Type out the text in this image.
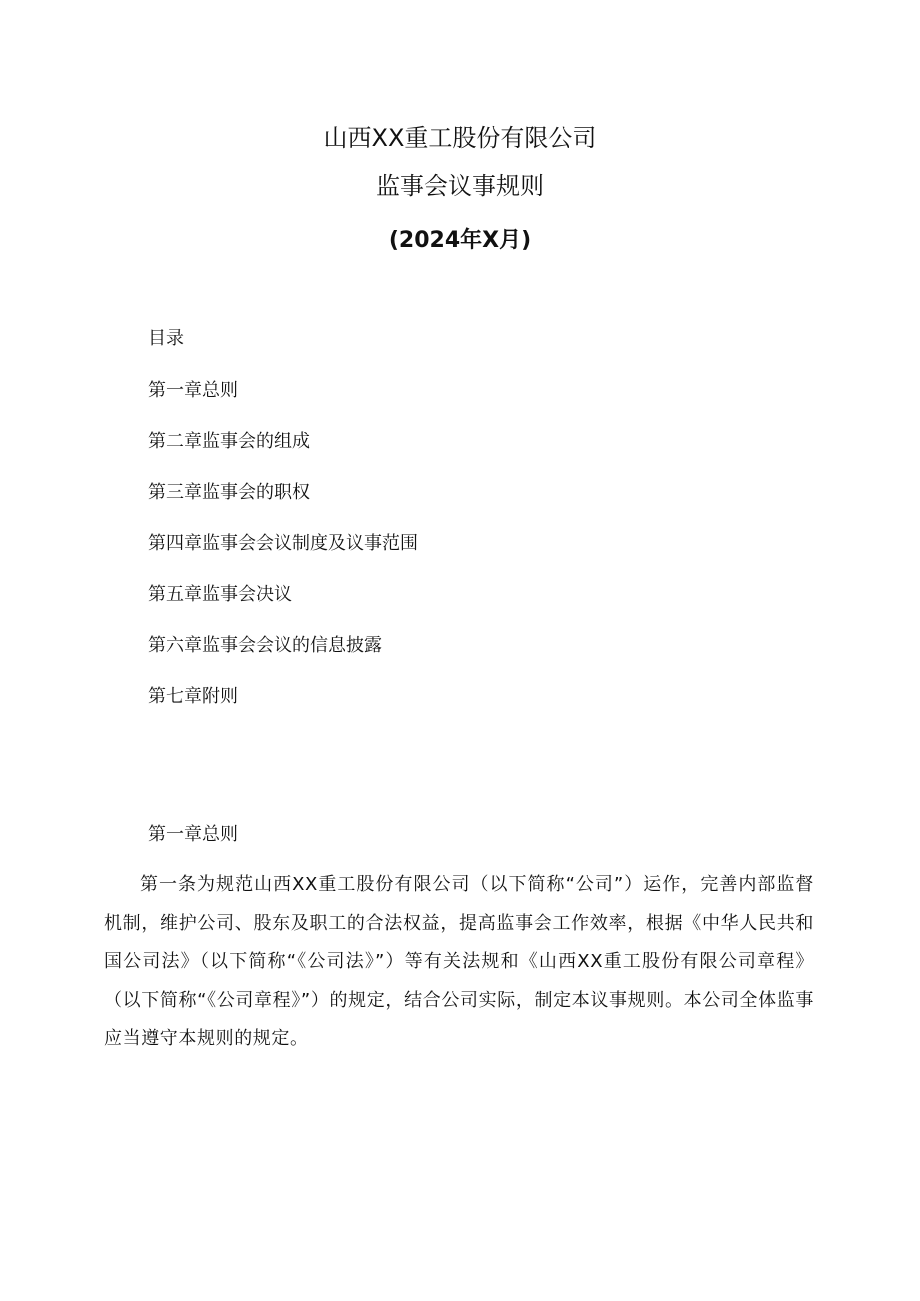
山西XX重工股份有限公司
监事会议事规则
(2024年X月)
目录
第一章总则
第二章监事会的组成
第三章监事会的职权
第四章监事会会议制度及议事范围
第五章监事会决议
第六章监事会会议的信息披露
第七章附则
第一章总则

第一条为规范山西XX重工股份有限公司（以下简称“公司”）运作，完善内部监督机制，维护公司、股东及职工的合法权益，提高监事会工作效率，根据《中华人民共和国公司法》（以下简称“《公司法》”）等有关法规和《山西XX重工股份有限公司章程》（以下简称“《公司章程》”）的规定，结合公司实际，制定本议事规则。本公司全体监事应当遵守本规则的规定。
